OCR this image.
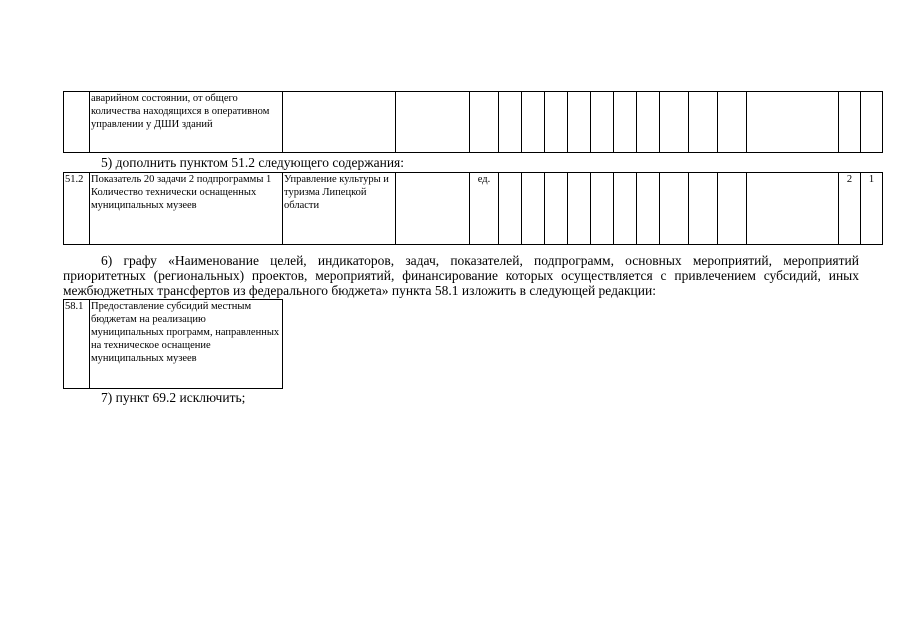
	аварийном состоянии, от общего количества находящихся в оперативном управлении у ДШИ зданий																
5) дополнить пунктом 51.2 следующего содержания:
51.2	Показатель 20 задачи 2 подпрограммы 1 Количество технически оснащенных муниципальных музеев	Управление культуры и туризма Липецкой области		ед.												2	1
6) графу «Наименование целей, индикаторов, задач, показателей, подпрограмм, основных мероприятий, мероприятий приоритетных (региональных) проектов, мероприятий, финансирование которых осуществляется с привлечением субсидий, иных межбюджетных трансфертов из федерального бюджета» пункта 58.1 изложить в следующей редакции:
58.1	Предоставление субсидий местным бюджетам на реализацию муниципальных программ, направленных на техническое оснащение муниципальных музеев
7) пункт 69.2 исключить;
